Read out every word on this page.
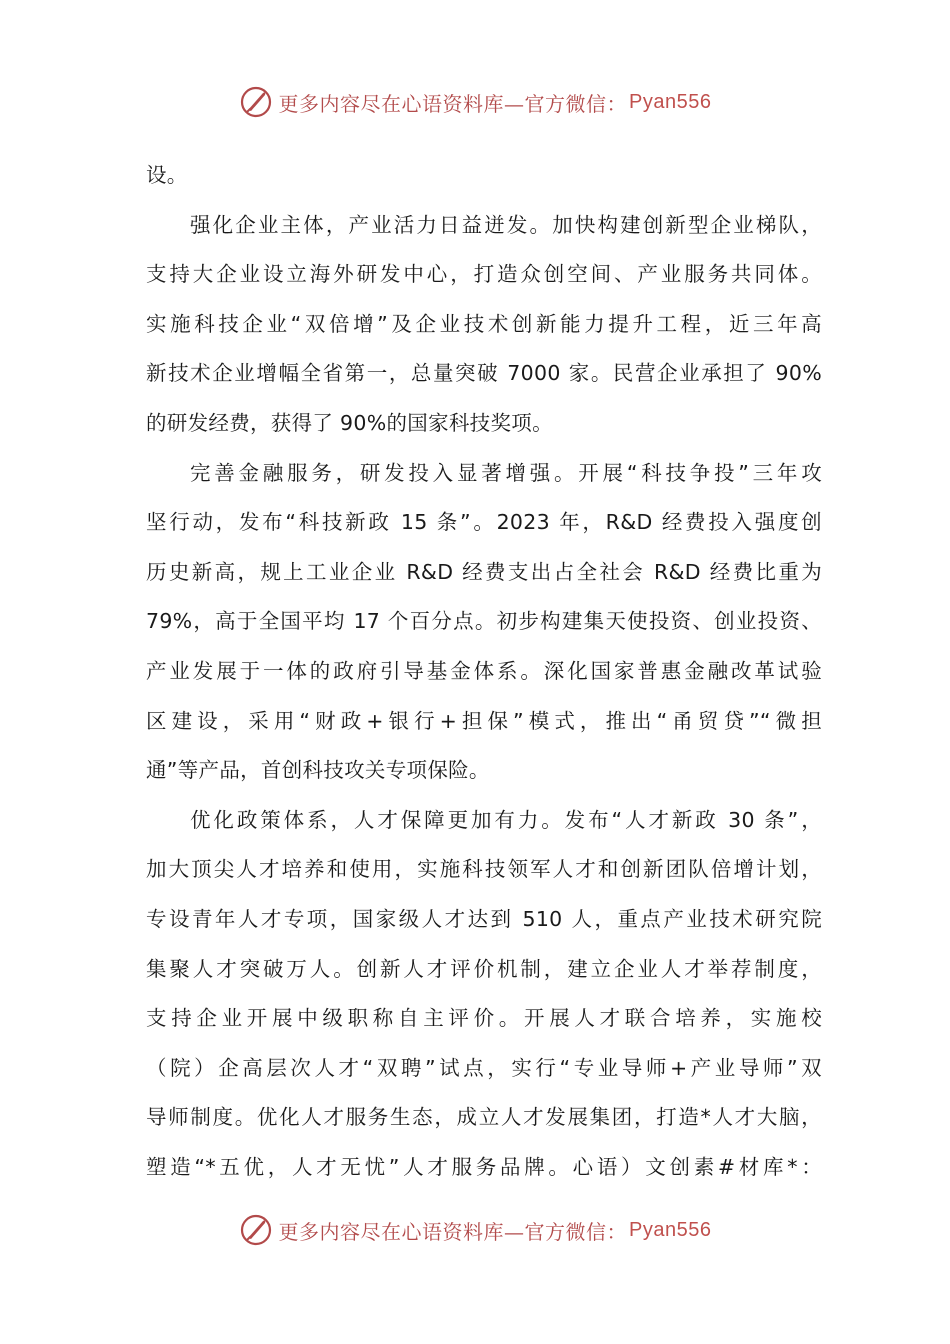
更多内容尽在心语资料库—官方微信： Pyan556
设。
强化企业主体，产业活力日益迸发。加快构建创新型企业梯队，
支持大企业设立海外研发中心，打造众创空间、产业服务共同体。
实施科技企业“双倍增”及企业技术创新能力提升工程，近三年高
新技术企业增幅全省第一，总量突破 7000 家。民营企业承担了 90%
的研发经费，获得了 90%的国家科技奖项。
完善金融服务，研发投入显著增强。开展“科技争投”三年攻
坚行动，发布“科技新政 15 条”。2023 年，R&D 经费投入强度创
历史新高，规上工业企业 R&D 经费支出占全社会 R&D 经费比重为
79%，高于全国平均 17 个百分点。初步构建集天使投资、创业投资、
产业发展于一体的政府引导基金体系。深化国家普惠金融改革试验
区建设，采用“财政+银行+担保”模式，推出“甬贸贷”“微担
通”等产品，首创科技攻关专项保险。
优化政策体系，人才保障更加有力。发布“人才新政 30 条”，
加大顶尖人才培养和使用，实施科技领军人才和创新团队倍增计划，
专设青年人才专项，国家级人才达到 510 人，重点产业技术研究院
集聚人才突破万人。创新人才评价机制，建立企业人才举荐制度，
支持企业开展中级职称自主评价。开展人才联合培养，实施校
（院）企高层次人才“双聘”试点，实行“专业导师+产业导师”双
导师制度。优化人才服务生态，成立人才发展集团，打造*人才大脑，
塑造“*五优，人才无忧”人才服务品牌。心语）文创素#材库*：
更多内容尽在心语资料库—官方微信： Pyan556
